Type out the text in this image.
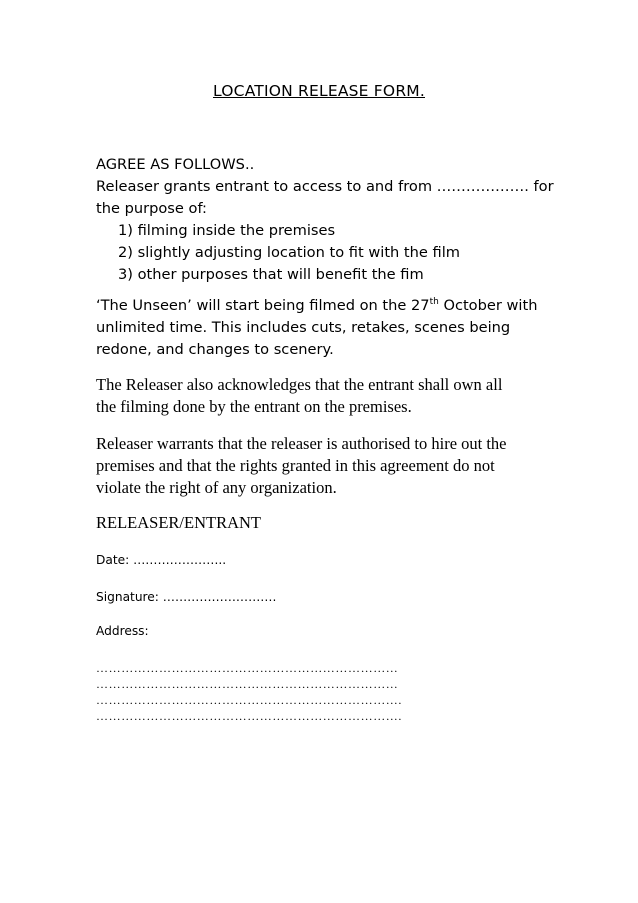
LOCATION RELEASE FORM.
AGREE AS FOLLOWS..
Releaser grants entrant to access to and from ………………. for
the purpose of:
1) filming inside the premises
2) slightly adjusting location to fit with the film
3) other purposes that will benefit the fim
‘The Unseen’ will start being filmed on the 27th October with
unlimited time. This includes cuts, retakes, scenes being
redone, and changes to scenery.
The Releaser also acknowledges that the entrant shall own all
the filming done by the entrant on the premises.
Releaser warrants that the releaser is authorised to hire out the
premises and that the rights granted in this agreement do not
violate the right of any organization.
RELEASER/ENTRANT
Date: …………………..
Signature: ……………………….
Address:
………………………………………………………………
………………………………………………………………
……………………………………………………………….
……………………………………………………………….
